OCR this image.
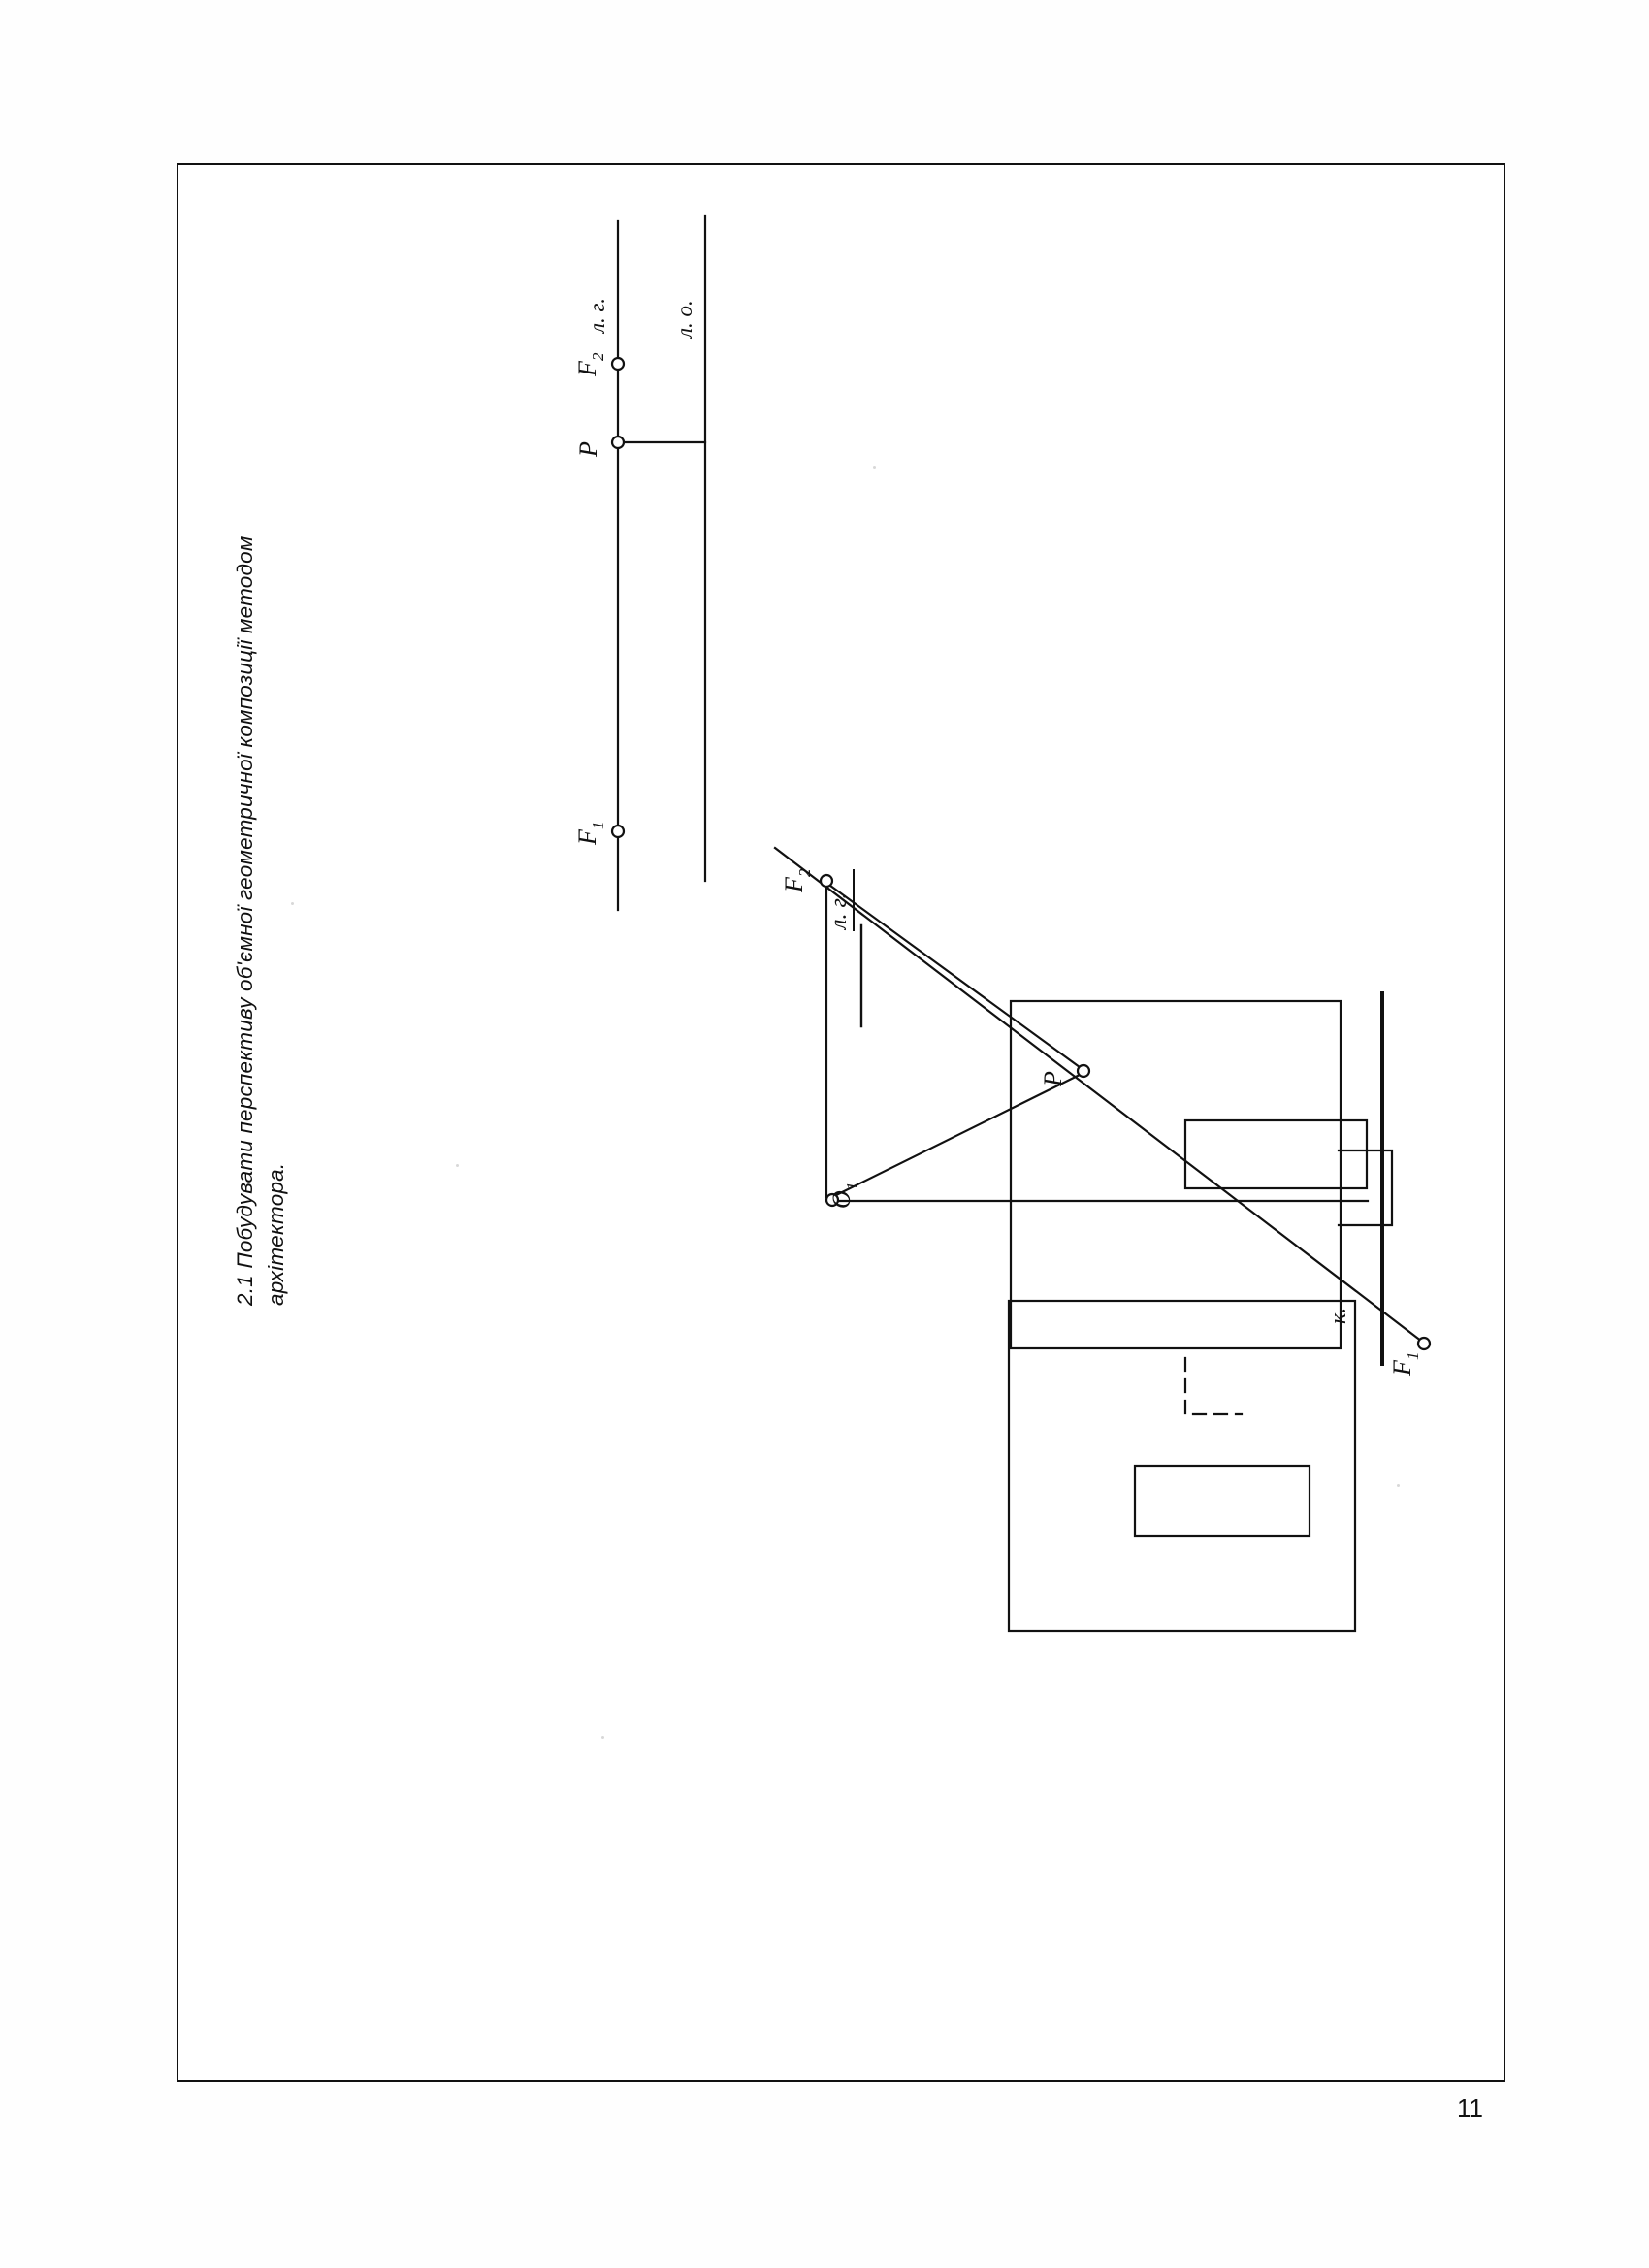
2.1 Побудувати перспективу об'ємної геометричної композиції методом архітектора.
F
2
O
1
P
F
1
к.
л. г.
F
2
л. г.
P
F
1
л. о.
11
